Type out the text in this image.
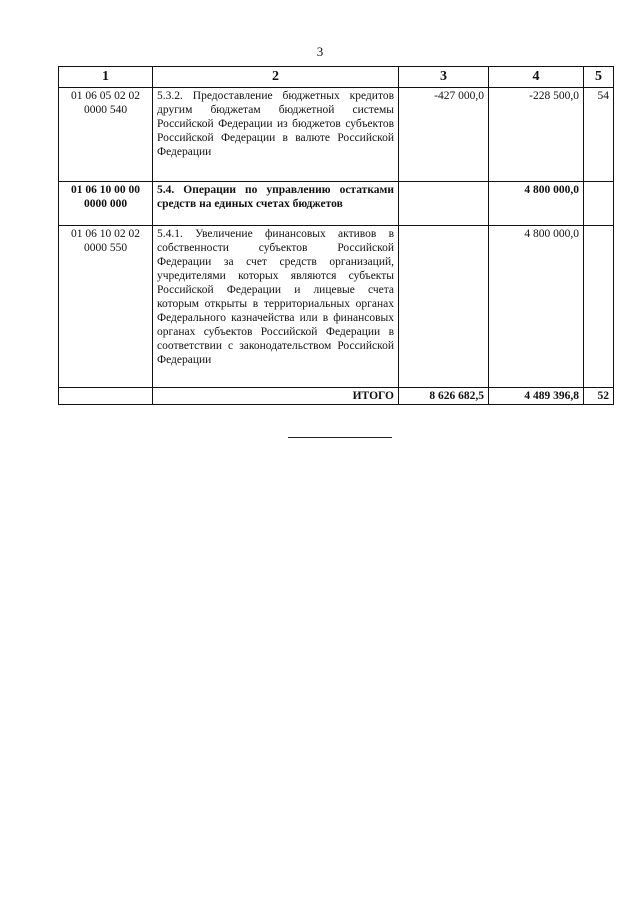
3
1	2	3	4	5
01 06 05 02 02 0000 540	5.3.2. Предоставление бюджетных кредитов другим бюджетам бюджетной системы Российской Федерации из бюджетов субъектов Российской Федерации в валюте Российской Федерации	-427 000,0	-228 500,0	54
01 06 10 00 00 0000 000	5.4. Операции по управлению остатками средств на единых счетах бюджетов		4 800 000,0	
01 06 10 02 02 0000 550	5.4.1. Увеличение финансовых активов в собственности субъектов Российской Федерации за счет средств организаций, учредителями которых являются субъекты Российской Федерации и лицевые счета которым открыты в территориальных органах Федерального казначейства или в финансовых органах субъектов Российской Федерации в соответствии с законодательством Российской Федерации		4 800 000,0	
	ИТОГО	8 626 682,5	4 489 396,8	52
